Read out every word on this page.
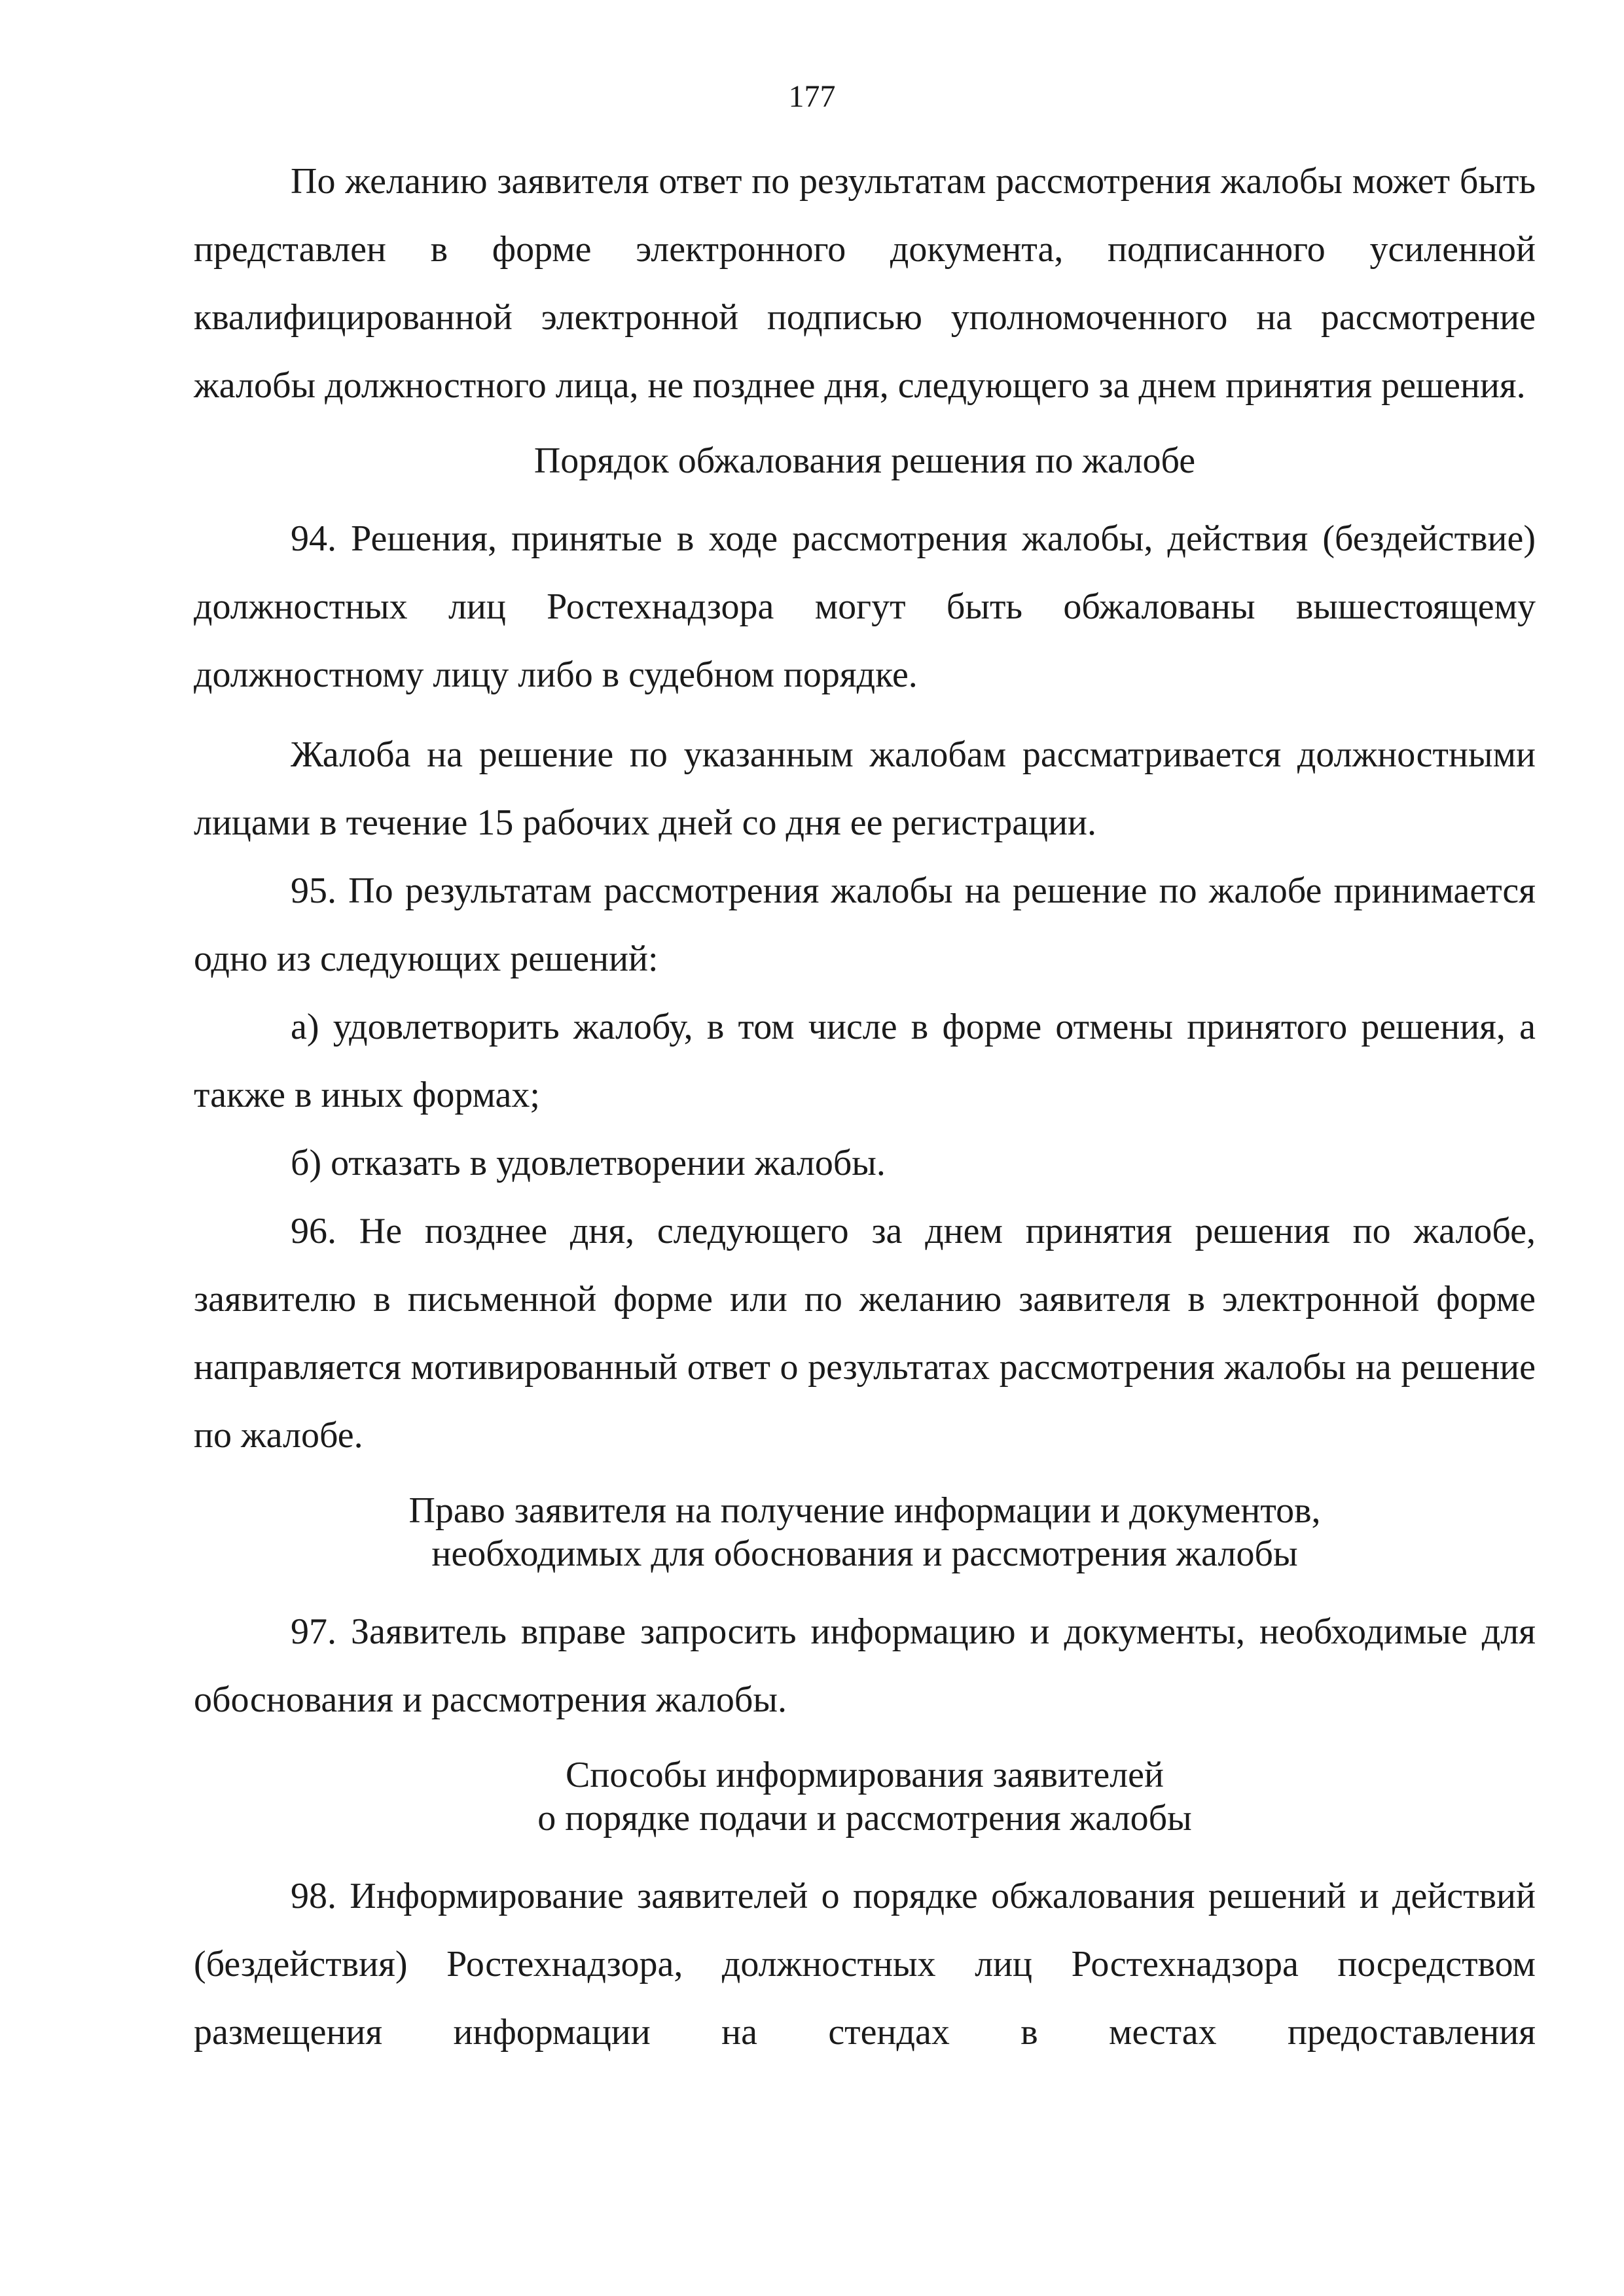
177

По желанию заявителя ответ по результатам рассмотрения жалобы может быть представлен в форме электронного документа, подписанного усиленной квалифицированной электронной подписью уполномоченного на рассмотрение жалобы должностного лица, не позднее дня, следующего за днем принятия решения.

Порядок обжалования решения по жалобе

94. Решения, принятые в ходе рассмотрения жалобы, действия (бездействие) должностных лиц Ростехнадзора могут быть обжалованы вышестоящему должностному лицу либо в судебном порядке.

Жалоба на решение по указанным жалобам рассматривается должностными лицами в течение 15 рабочих дней со дня ее регистрации.

95. По результатам рассмотрения жалобы на решение по жалобе принимается одно из следующих решений:

а) удовлетворить жалобу, в том числе в форме отмены принятого решения, а также в иных формах;

б) отказать в удовлетворении жалобы.

96. Не позднее дня, следующего за днем принятия решения по жалобе, заявителю в письменной форме или по желанию заявителя в электронной форме направляется мотивированный ответ о результатах рассмотрения жалобы на решение по жалобе.

Право заявителя на получение информации и документов,
необходимых для обоснования и рассмотрения жалобы

97. Заявитель вправе запросить информацию и документы, необходимые для обоснования и рассмотрения жалобы.

Способы информирования заявителей
о порядке подачи и рассмотрения жалобы

98. Информирование заявителей о порядке обжалования решений и действий (бездействия) Ростехнадзора, должностных лиц Ростехнадзора посредством размещения информации на стендах в местах предоставления
